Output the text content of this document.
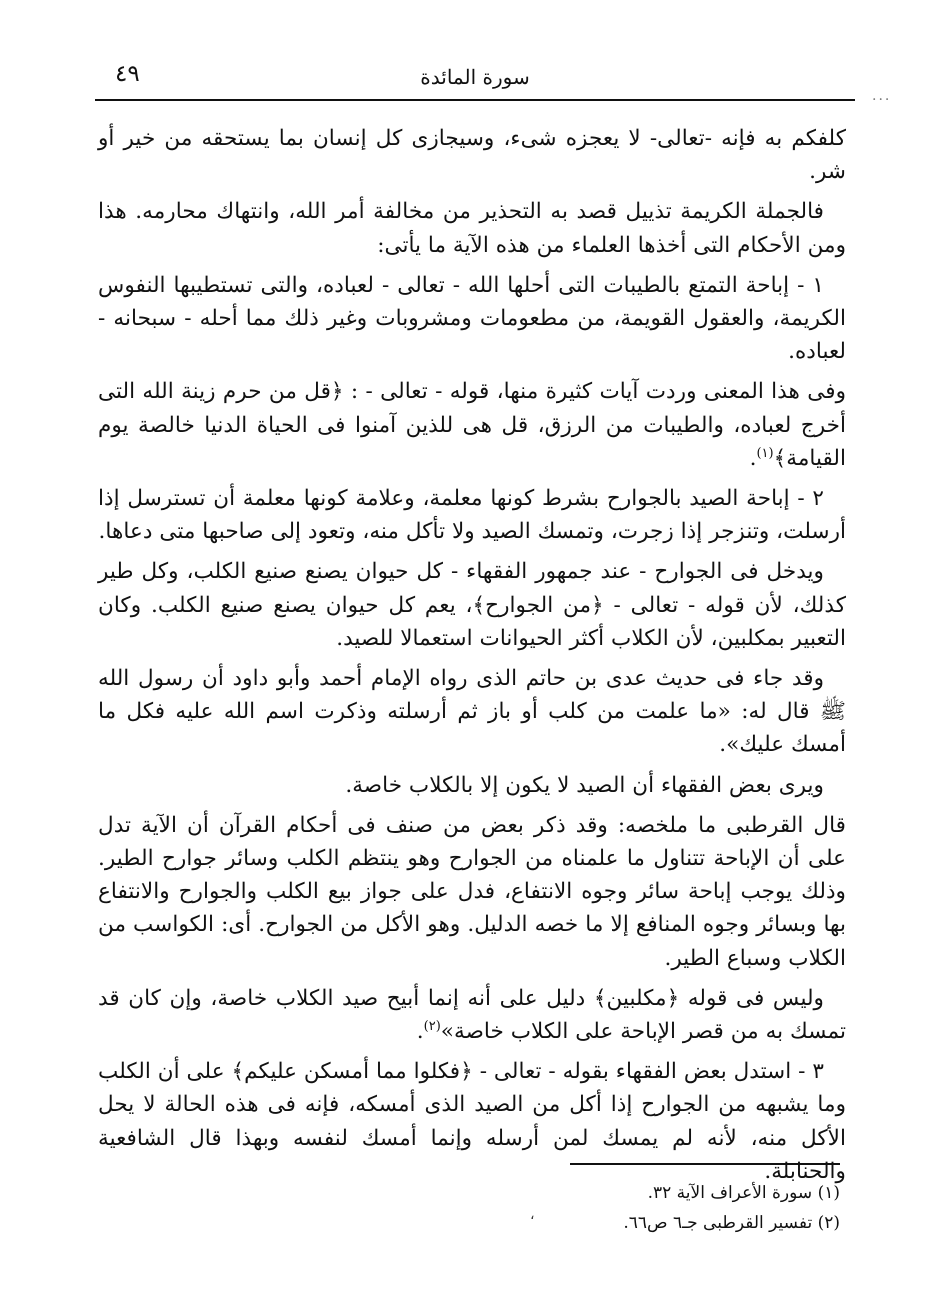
٤٩	سورة المائدة
...

كلفكم به فإنه -تعالى- لا يعجزه شىء، وسيجازى كل إنسان بما يستحقه من خير أو شر.

فالجملة الكريمة تذييل قصد به التحذير من مخالفة أمر الله، وانتهاك محارمه. هذا ومن الأحكام التى أخذها العلماء من هذه الآية ما يأتى:

١ - إباحة التمتع بالطيبات التى أحلها الله - تعالى - لعباده، والتى تستطيبها النفوس الكريمة، والعقول القويمة، من مطعومات ومشروبات وغير ذلك مما أحله - سبحانه - لعباده.

وفى هذا المعنى وردت آيات كثيرة منها، قوله - تعالى - : ﴿قل من حرم زينة الله التى أخرج لعباده، والطيبات من الرزق، قل هى للذين آمنوا فى الحياة الدنيا خالصة يوم القيامة﴾$^{(١)}$.

٢ - إباحة الصيد بالجوارح بشرط كونها معلمة، وعلامة كونها معلمة أن تسترسل إذا أرسلت، وتنزجر إذا زجرت، وتمسك الصيد ولا تأكل منه، وتعود إلى صاحبها متى دعاها.

ويدخل فى الجوارح - عند جمهور الفقهاء - كل حيوان يصنع صنيع الكلب، وكل طير كذلك، لأن قوله - تعالى - ﴿من الجوارح﴾، يعم كل حيوان يصنع صنيع الكلب. وكان التعبير بمكلبين، لأن الكلاب أكثر الحيوانات استعمالا للصيد.

وقد جاء فى حديث عدى بن حاتم الذى رواه الإمام أحمد وأبو داود أن رسول الله ﷺ قال له: «ما علمت من كلب أو باز ثم أرسلته وذكرت اسم الله عليه فكل ما أمسك عليك».

ويرى بعض الفقهاء أن الصيد لا يكون إلا بالكلاب خاصة.

قال القرطبى ما ملخصه: وقد ذكر بعض من صنف فى أحكام القرآن أن الآية تدل على أن الإباحة تتناول ما علمناه من الجوارح وهو ينتظم الكلب وسائر جوارح الطير. وذلك يوجب إباحة سائر وجوه الانتفاع، فدل على جواز بيع الكلب والجوارح والانتفاع بها وبسائر وجوه المنافع إلا ما خصه الدليل. وهو الأكل من الجوارح. أى: الكواسب من الكلاب وسباع الطير.

وليس فى قوله ﴿مكلبين﴾ دليل على أنه إنما أبيح صيد الكلاب خاصة، وإن كان قد تمسك به من قصر الإباحة على الكلاب خاصة»$^{(٢)}$.

٣ - استدل بعض الفقهاء بقوله - تعالى - ﴿فكلوا مما أمسكن عليكم﴾ على أن الكلب وما يشبهه من الجوارح إذا أكل من الصيد الذى أمسكه، فإنه فى هذه الحالة لا يحل الأكل منه، لأنه لم يمسك لمن أرسله وإنما أمسك لنفسه وبهذا قال الشافعية والحنابلة.

(١) سورة الأعراف الآية ٣٢.

(٢) تفسير القرطبى جـ٦ ص٦٦.

،
